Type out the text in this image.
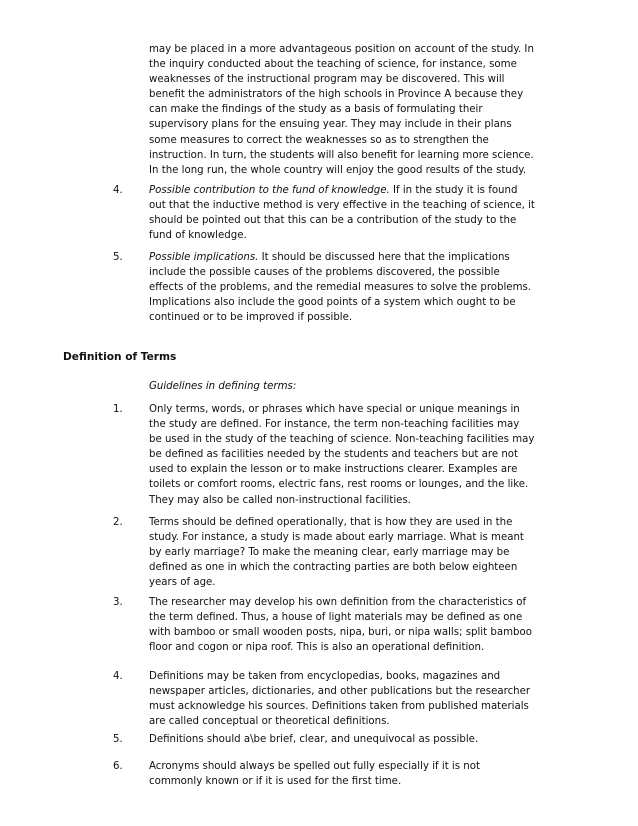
may be placed in a more advantageous position on account of the study. In the inquiry conducted about the teaching of science, for instance, some weaknesses of the instructional program may be discovered. This will benefit the administrators of the high schools in Province A because they can make the findings of the study as a basis of formulating their supervisory plans for the ensuing year. They may include in their plans some measures to correct the weaknesses so as to strengthen the instruction. In turn, the students will also benefit for learning more science. In the long run, the whole country will enjoy the good results of the study.

4.	Possible contribution to the fund of knowledge. If in the study it is found out that the inductive method is very effective in the teaching of science, it should be pointed out that this can be a contribution of the study to the fund of knowledge.

5.	Possible implications. It should be discussed here that the implications include the possible causes of the problems discovered, the possible effects of the problems, and the remedial measures to solve the problems. Implications also include the good points of a system which ought to be continued or to be improved if possible.

Definition of Terms
Guidelines in defining terms:
1.	Only terms, words, or phrases which have special or unique meanings in the study are defined. For instance, the term non-teaching facilities may be used in the study of the teaching of science. Non-teaching facilities may be defined as facilities needed by the students and teachers but are not used to explain the lesson or to make instructions clearer. Examples are toilets or comfort rooms, electric fans, rest rooms or lounges, and the like. They may also be called non-instructional facilities.

2.	Terms should be defined operationally, that is how they are used in the study. For instance, a study is made about early marriage. What is meant by early marriage? To make the meaning clear, early marriage may be defined as one in which the contracting parties are both below eighteen years of age.

3.	The researcher may develop his own definition from the characteristics of the term defined. Thus, a house of light materials may be defined as one with bamboo or small wooden posts, nipa, buri, or nipa walls; split bamboo floor and cogon or nipa roof. This is also an operational definition.

4.	Definitions may be taken from encyclopedias, books, magazines and newspaper articles, dictionaries, and other publications but the researcher must acknowledge his sources. Definitions taken from published materials are called conceptual or theoretical definitions.

5.	Definitions should a\be brief, clear, and unequivocal as possible.

6.	Acronyms should always be spelled out fully especially if it is not commonly known or if it is used for the first time.
